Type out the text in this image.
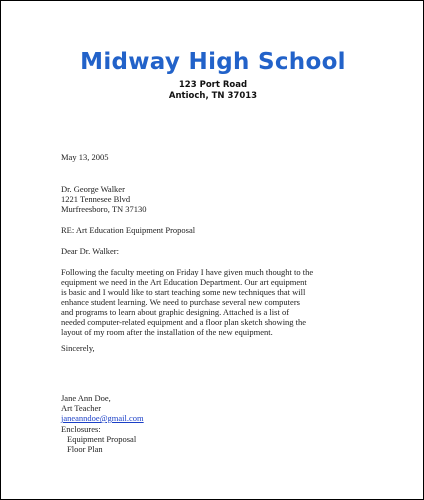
Midway High School
123 Port Road
Antioch, TN 37013
May 13, 2005
Dr. George Walker
1221 Tennesee Blvd
Murfreesboro, TN 37130
RE: Art Education Equipment Proposal
Dear Dr. Walker:
Following the faculty meeting on Friday I have given much thought to the
equipment we need in the Art Education Department. Our art equipment
is basic and I would like to start teaching some new techniques that will
enhance student learning. We need to purchase several new computers
and programs to learn about graphic designing. Attached is a list of
needed computer-related equipment and a floor plan sketch showing the
layout of my room after the installation of the new equipment.
Sincerely,
Jane Ann Doe,
Art Teacher
janeanndoe@gmail.com
Enclosures:
Equipment Proposal
Floor Plan
